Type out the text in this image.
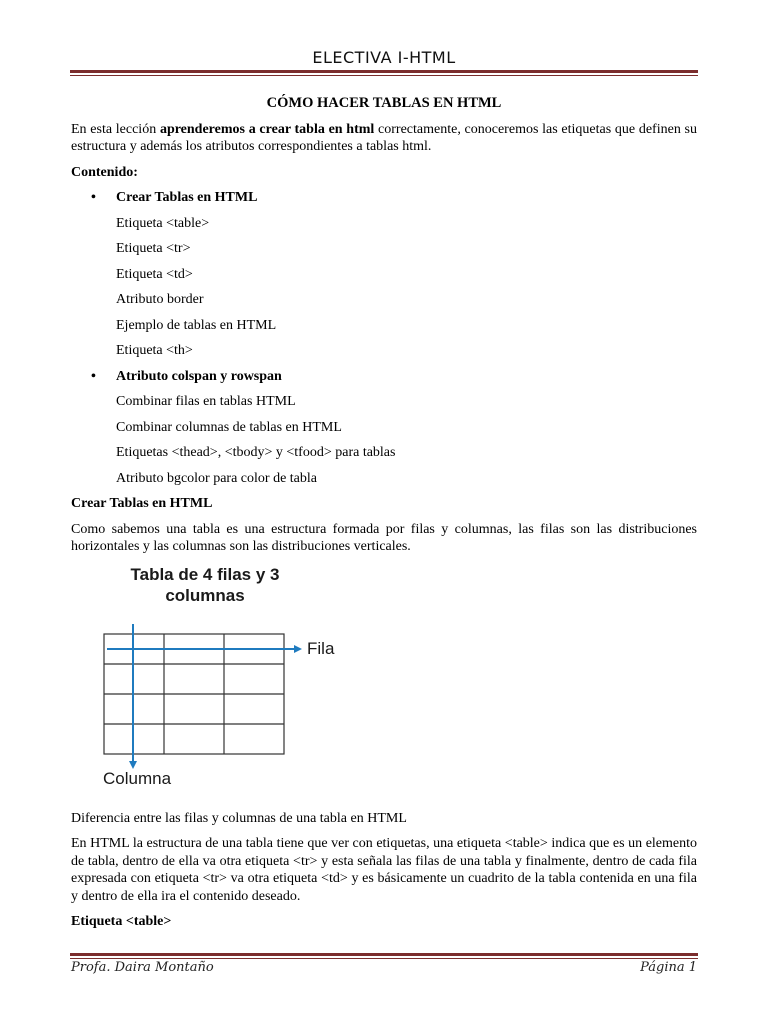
ELECTIVA I-HTML
CÓMO HACER TABLAS EN HTML

En esta lección aprenderemos a crear tabla en html correctamente, conoceremos las etiquetas que definen su estructura y además los atributos correspondientes a tablas html.

Contenido:
• Crear Tablas en HTML
Etiqueta <table>
Etiqueta <tr>
Etiqueta <td>
Atributo border
Ejemplo de tablas en HTML
Etiqueta <th>
• Atributo colspan y rowspan
Combinar filas en tablas HTML
Combinar columnas de tablas en HTML
Etiquetas <thead>, <tbody> y <tfood> para tablas
Atributo bgcolor para color de tabla
Crear Tablas en HTML

Como sabemos una tabla es una estructura formada por filas y columnas, las filas son las distribuciones horizontales y las columnas son las distribuciones verticales.

Tabla de 4 filas y 3 columnas
Fila
Columna

Diferencia entre las filas y columnas de una tabla en HTML

En HTML la estructura de una tabla tiene que ver con etiquetas, una etiqueta <table> indica que es un elemento de tabla, dentro de ella va otra etiqueta <tr> y esta señala las filas de una tabla y finalmente, dentro de cada fila expresada con etiqueta <tr> va otra etiqueta <td> y es básicamente un cuadrito de la tabla contenida en una fila y dentro de ella ira el contenido deseado.

Etiqueta <table>
Profa. Daira Montaño	Página 1
